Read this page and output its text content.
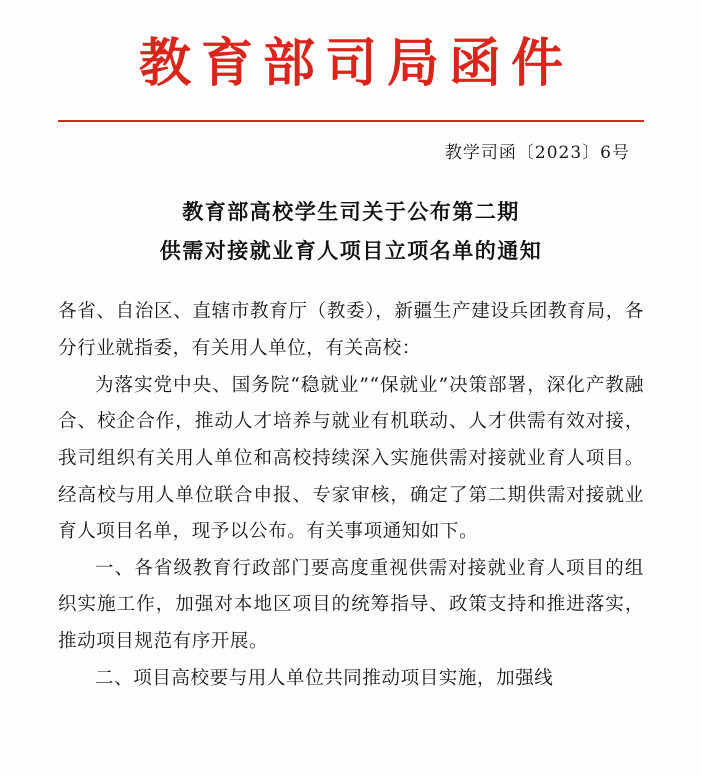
教育部司局函件
教学司函〔2023〕6号
教育部高校学生司关于公布第二期
供需对接就业育人项目立项名单的通知

各省、自治区、直辖市教育厅（教委），新疆生产建设兵团教育局，各分行业就指委，有关用人单位，有关高校：

为落实党中央、国务院“稳就业”“保就业”决策部署，深化产教融合、校企合作，推动人才培养与就业有机联动、人才供需有效对接，我司组织有关用人单位和高校持续深入实施供需对接就业育人项目。经高校与用人单位联合申报、专家审核，确定了第二期供需对接就业育人项目名单，现予以公布。有关事项通知如下。

一、各省级教育行政部门要高度重视供需对接就业育人项目的组织实施工作，加强对本地区项目的统筹指导、政策支持和推进落实，推动项目规范有序开展。

二、项目高校要与用人单位共同推动项目实施，加强线
